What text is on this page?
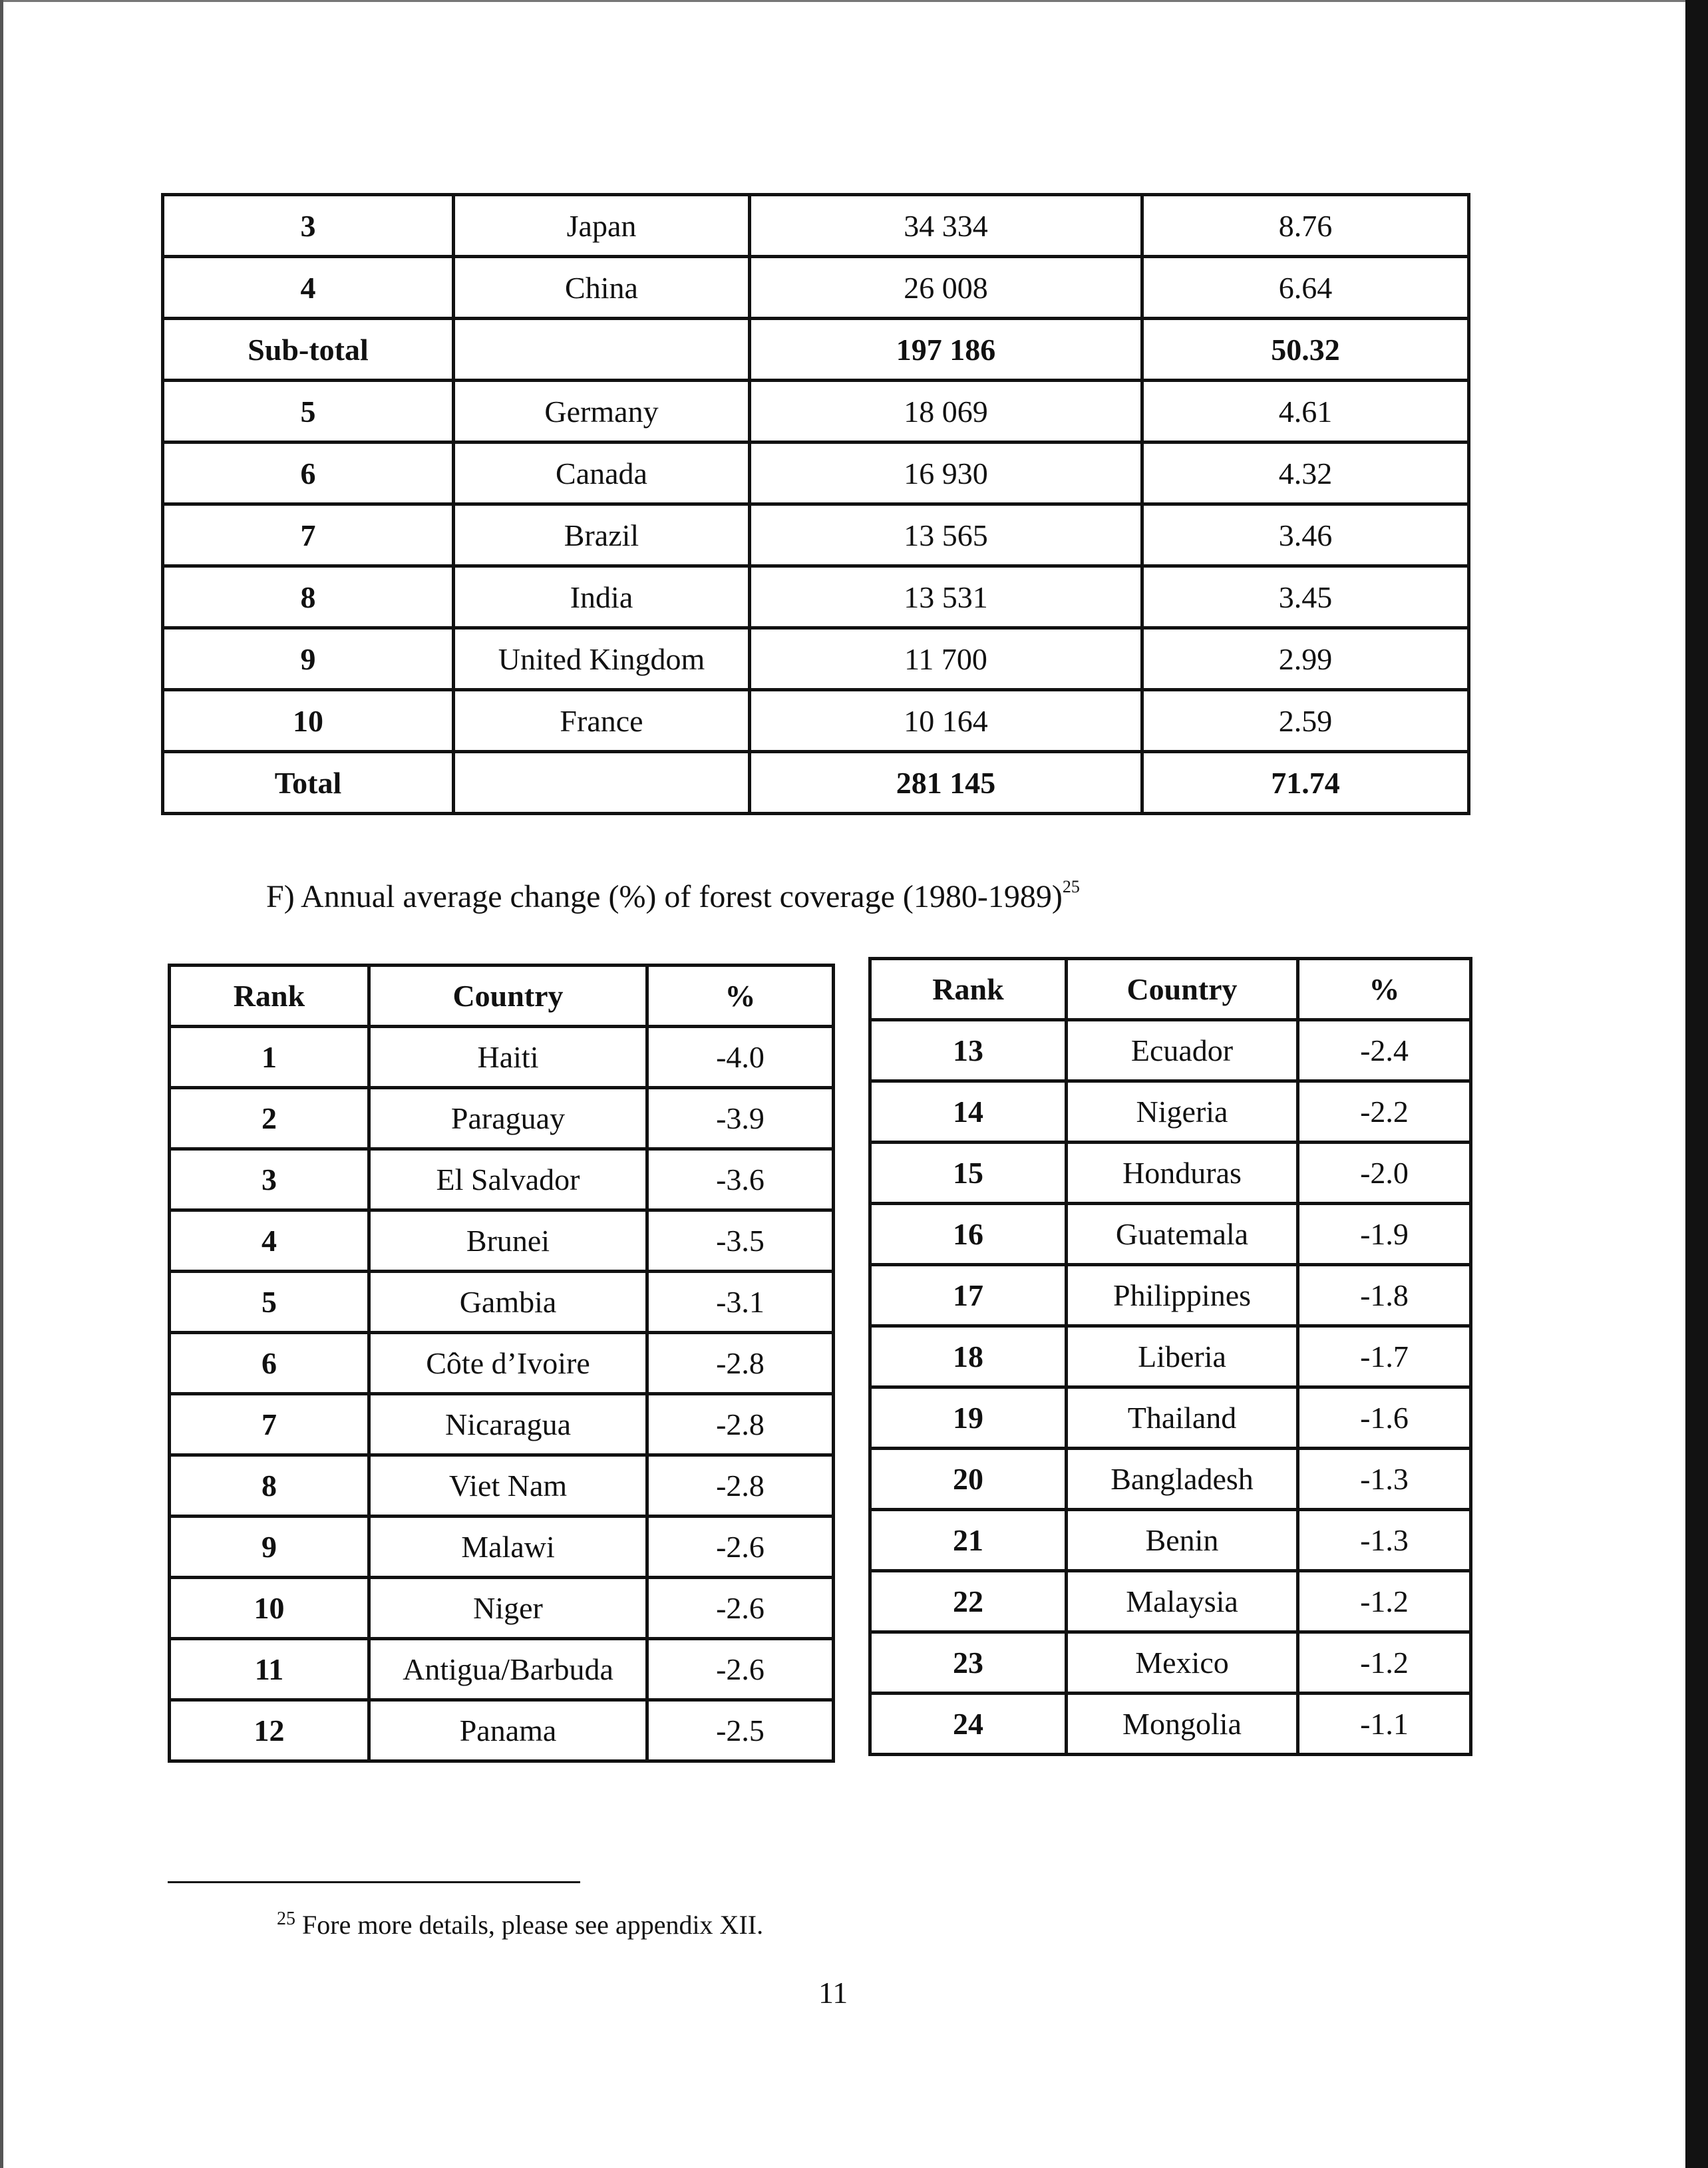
3	Japan	34 334	8.76
4	China	26 008	6.64
Sub-total		197 186	50.32
5	Germany	18 069	4.61
6	Canada	16 930	4.32
7	Brazil	13 565	3.46
8	India	13 531	3.45
9	United Kingdom	11 700	2.99
10	France	10 164	2.59
Total		281 145	71.74
F) Annual average change (%) of forest coverage (1980-1989)$^{25}$
Rank	Country	%
1	Haiti	-4.0
2	Paraguay	-3.9
3	El Salvador	-3.6
4	Brunei	-3.5
5	Gambia	-3.1
6	Côte d’Ivoire	-2.8
7	Nicaragua	-2.8
8	Viet Nam	-2.8
9	Malawi	-2.6
10	Niger	-2.6
11	Antigua/Barbuda	-2.6
12	Panama	-2.5
Rank	Country	%
13	Ecuador	-2.4
14	Nigeria	-2.2
15	Honduras	-2.0
16	Guatemala	-1.9
17	Philippines	-1.8
18	Liberia	-1.7
19	Thailand	-1.6
20	Bangladesh	-1.3
21	Benin	-1.3
22	Malaysia	-1.2
23	Mexico	-1.2
24	Mongolia	-1.1
$^{25}$ Fore more details, please see appendix XII.
11
